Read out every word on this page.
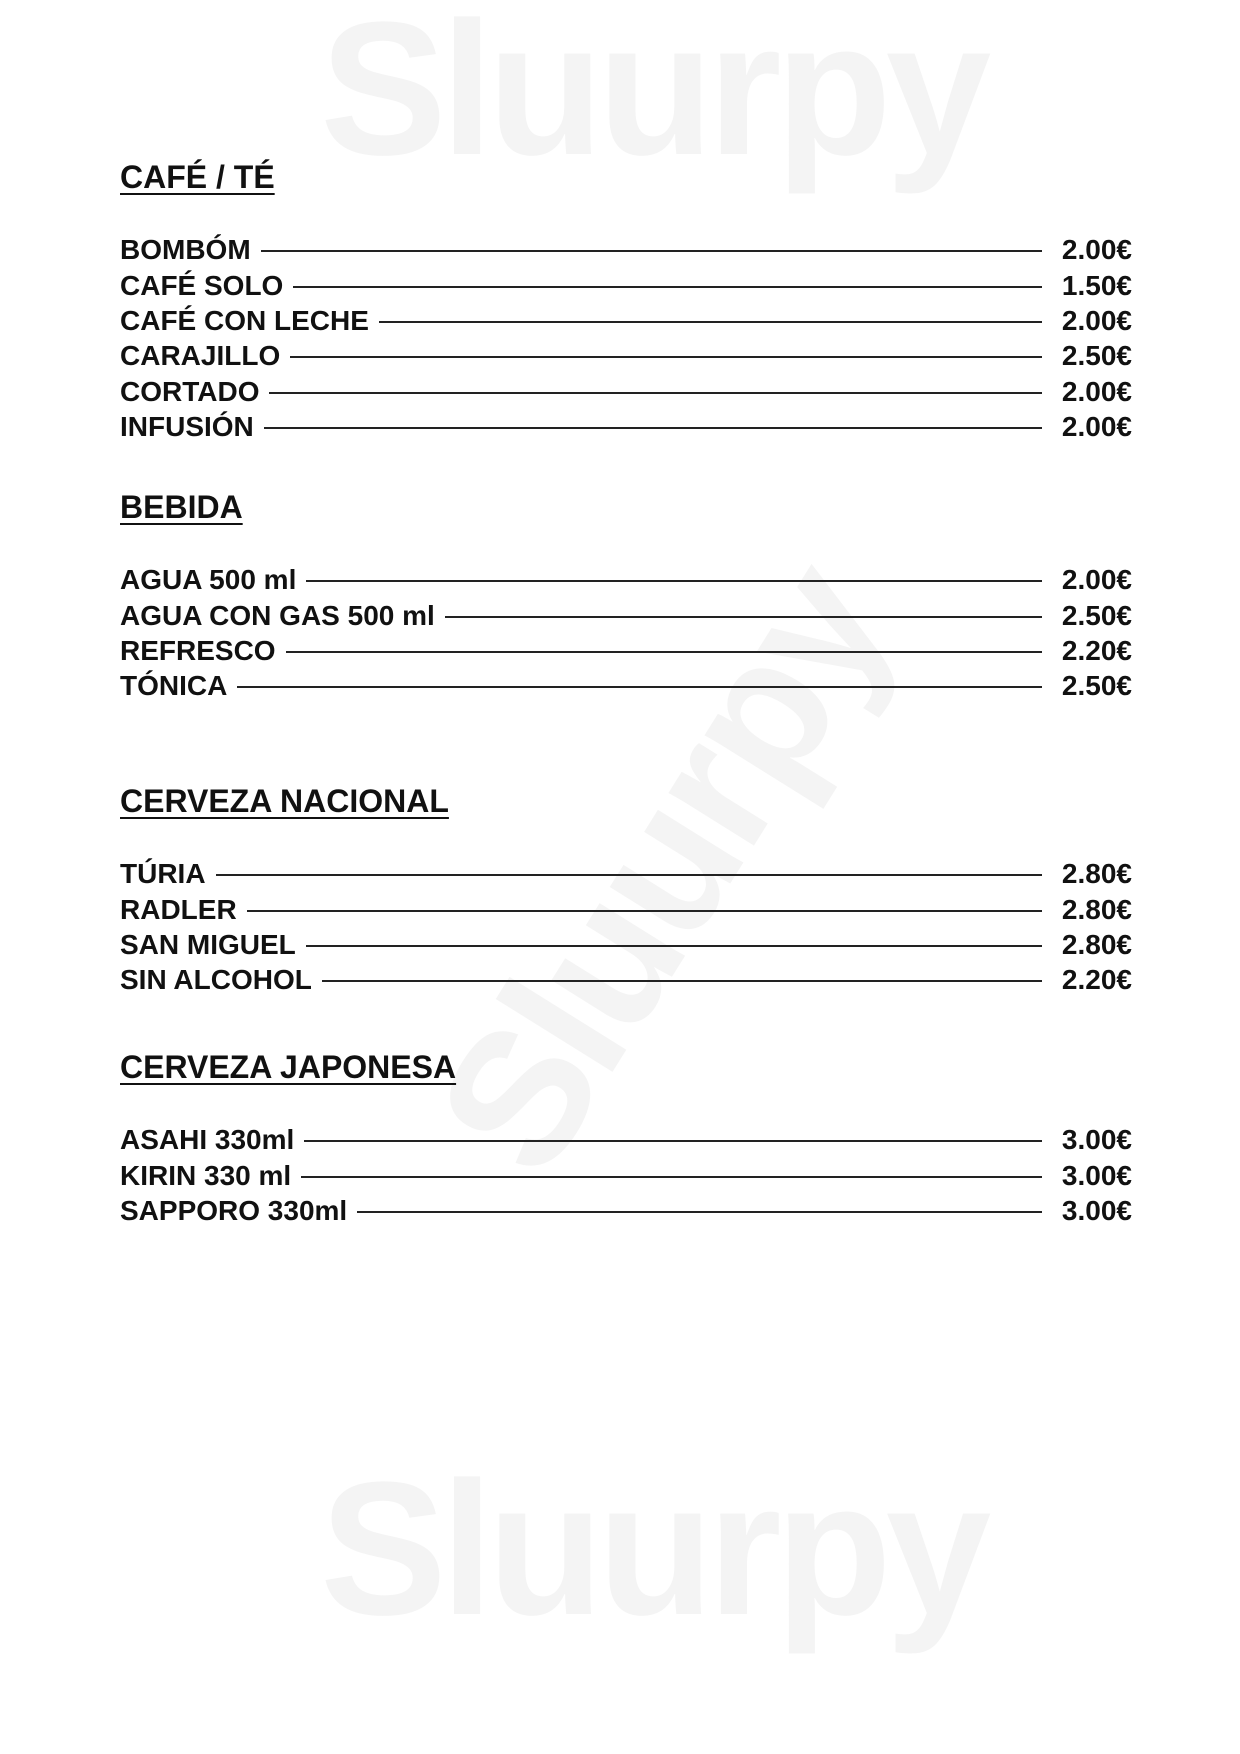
Sluurpy
Sluurpy
Sluurpy
CAFÉ / TÉ
BOMBÓM	2.00€
CAFÉ SOLO	1.50€
CAFÉ CON LECHE	2.00€
CARAJILLO	2.50€
CORTADO	2.00€
INFUSIÓN	2.00€
BEBIDA
AGUA 500 ml	2.00€
AGUA CON GAS 500 ml	2.50€
REFRESCO	2.20€
TÓNICA	2.50€
CERVEZA NACIONAL
TÚRIA	2.80€
RADLER	2.80€
SAN MIGUEL	2.80€
SIN ALCOHOL	2.20€
CERVEZA JAPONESA
ASAHI 330ml	3.00€
KIRIN 330 ml	3.00€
SAPPORO 330ml	3.00€
